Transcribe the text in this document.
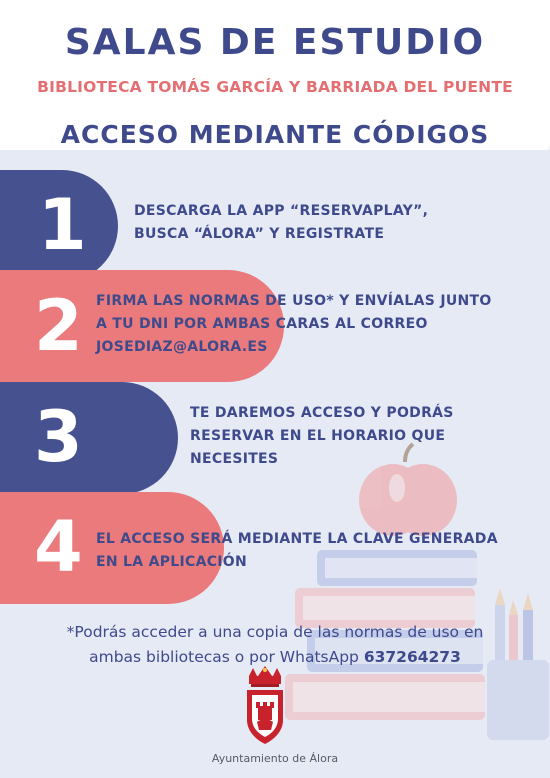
SALAS DE ESTUDIO

BIBLIOTECA TOMÁS GARCÍA Y BARRIADA DEL PUENTE

ACCESO MEDIANTE CÓDIGOS
1	DESCARGA LA APP “RESERVAPLAY”,
BUSCA “ÁLORA” Y REGISTRATE

2 FIRMA LAS NORMAS DE USO* Y ENVÍALAS JUNTO
A TU DNI POR AMBAS CARAS AL CORREO
JOSEDIAZ@ALORA.ES

3	TE DAREMOS ACCESO Y PODRÁS
RESERVAR EN EL HORARIO QUE
NECESITES

4 EL ACCESO SERÁ MEDIANTE LA CLAVE GENERADA
EN LA APLICACIÓN

*Podrás acceder a una copia de las normas de uso en
ambas bibliotecas o por WhatsApp 637264273

Ayuntamiento de Álora
